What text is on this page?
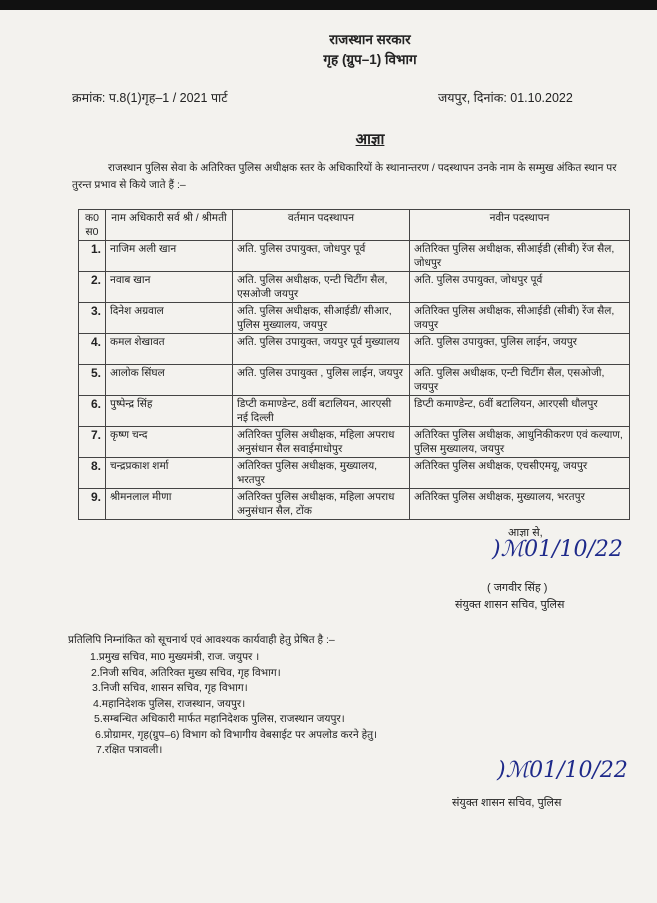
राजस्थान सरकार
गृह (ग्रुप–1) विभाग
क्रमांक: प.8(1)गृह–1 / 2021 पार्ट	जयपुर, दिनांक: 01.10.2022
आज्ञा
राजस्थान पुलिस सेवा के अतिरिक्त पुलिस अधीक्षक स्तर के अधिकारियों के स्थानान्तरण / पदस्थापन उनके नाम के सम्मुख अंकित स्थान पर तुरन्त प्रभाव से किये जाते हैं :–
क0 स0	नाम अधिकारी सर्व श्री / श्रीमती	वर्तमान पदस्थापन	नवीन पदस्थापन
1.	नाजिम अली खान	अति. पुलिस उपायुक्त, जोधपुर पूर्व	अतिरिक्त पुलिस अधीक्षक, सीआईडी (सीबी) रेंज सैल, जोधपुर
2.	नवाब खान	अति. पुलिस अधीक्षक, एन्टी चिटींग सैल, एसओजी जयपुर	अति. पुलिस उपायुक्त, जोधपुर पूर्व
3.	दिनेश अग्रवाल	अति. पुलिस अधीक्षक, सीआईडी/ सीआर, पुलिस मुख्यालय, जयपुर	अतिरिक्त पुलिस अधीक्षक, सीआईडी (सीबी) रेंज सैल, जयपुर
4.	कमल शेखावत	अति. पुलिस उपायुक्त, जयपुर पूर्व मुख्यालय	अति. पुलिस उपायुक्त, पुलिस लाईन, जयपुर
5.	आलोक सिंघल	अति. पुलिस उपायुक्त , पुलिस लाईन, जयपुर	अति. पुलिस अधीक्षक, एन्टी चिटींग सैल, एसओजी, जयपुर
6.	पुष्पेन्द्र सिंह	डिप्टी कमाण्डेन्ट, 8वीं बटालियन, आरएसी नई दिल्ली	डिप्टी कमाण्डेन्ट, 6वीं बटालियन, आरएसी धौलपुर
7.	कृष्ण चन्द	अतिरिक्त पुलिस अधीक्षक, महिला अपराध अनुसंधान सैल सवाईमाधोपुर	अतिरिक्त पुलिस अधीक्षक, आधुनिकीकरण एवं कल्याण, पुलिस मुख्यालय, जयपुर
8.	चन्द्रप्रकाश शर्मा	अतिरिक्त पुलिस अधीक्षक, मुख्यालय, भरतपुर	अतिरिक्त पुलिस अधीक्षक, एचसीएमयू, जयपुर
9.	श्रीमनलाल मीणा	अतिरिक्त पुलिस अधीक्षक, महिला अपराध अनुसंधान सैल, टोंक	अतिरिक्त पुलिस अधीक्षक, मुख्यालय, भरतपुर
आज्ञा से,
)ℳ01/10/22
( जगवीर सिंह )
संयुक्त शासन सचिव, पुलिस
प्रतिलिपि निम्नांकित को सूचनार्थ एवं आवश्यक कार्यवाही हेतु प्रेषित है :–
1.प्रमुख सचिव, मा0 मुख्यमंत्री, राज. जयुपर ।
2.निजी सचिव, अतिरिक्त मुख्य सचिव, गृह विभाग।
3.निजी सचिव, शासन सचिव, गृह विभाग।
4.महानिदेशक पुलिस, राजस्थान, जयपुर।
5.सम्बन्धित अधिकारी मार्फत महानिदेशक पुलिस, राजस्थान जयपुर।
6.प्रोग्रामर, गृह(ग्रुप–6) विभाग को विभागीय वेबसाईट पर अपलोड करने हेतु।
7.रक्षित पत्रावली।
)ℳ01/10/22
संयुक्त शासन सचिव, पुलिस
